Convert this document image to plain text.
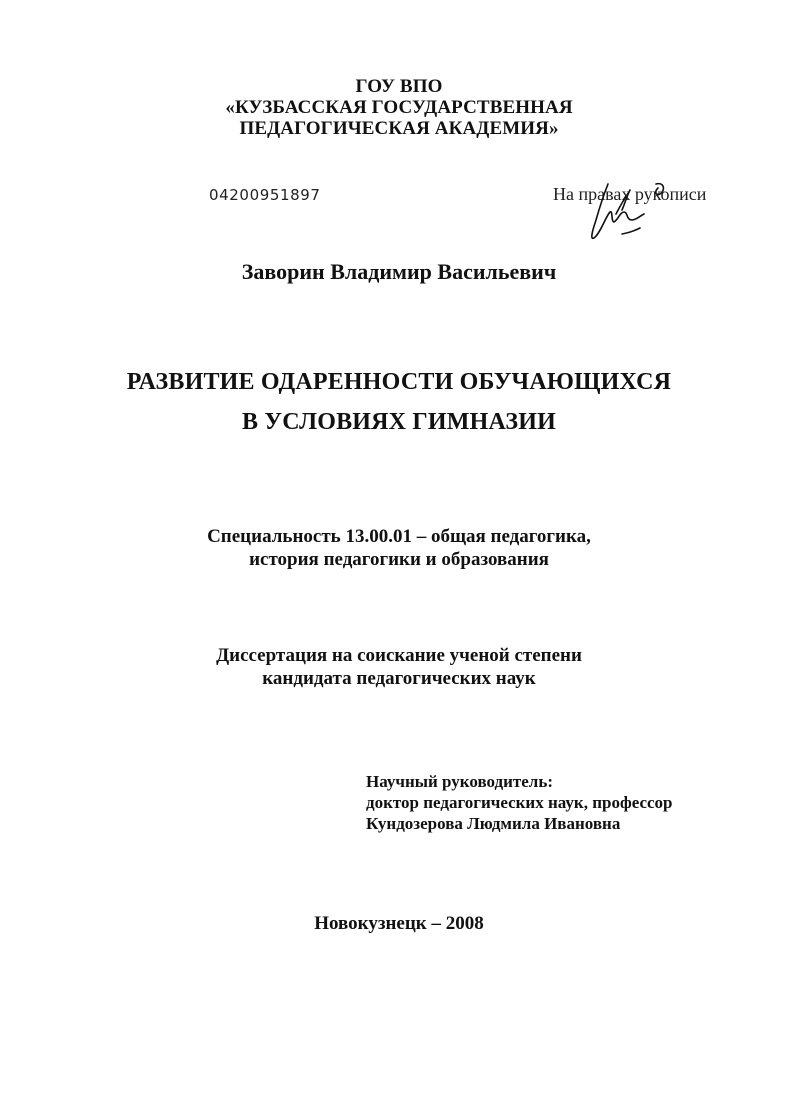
ГОУ ВПО
«КУЗБАССКАЯ ГОСУДАРСТВЕННАЯ
ПЕДАГОГИЧЕСКАЯ АКАДЕМИЯ»
04200951897	На правах рукописи
Заворин Владимир Васильевич
РАЗВИТИЕ ОДАРЕННОСТИ ОБУЧАЮЩИХСЯ
В УСЛОВИЯХ ГИМНАЗИИ
Специальность 13.00.01 – общая педагогика,
история педагогики и образования
Диссертация на соискание ученой степени
кандидата педагогических наук
Научный руководитель:
доктор педагогических наук, профессор
Кундозерова Людмила Ивановна
Новокузнецк – 2008
